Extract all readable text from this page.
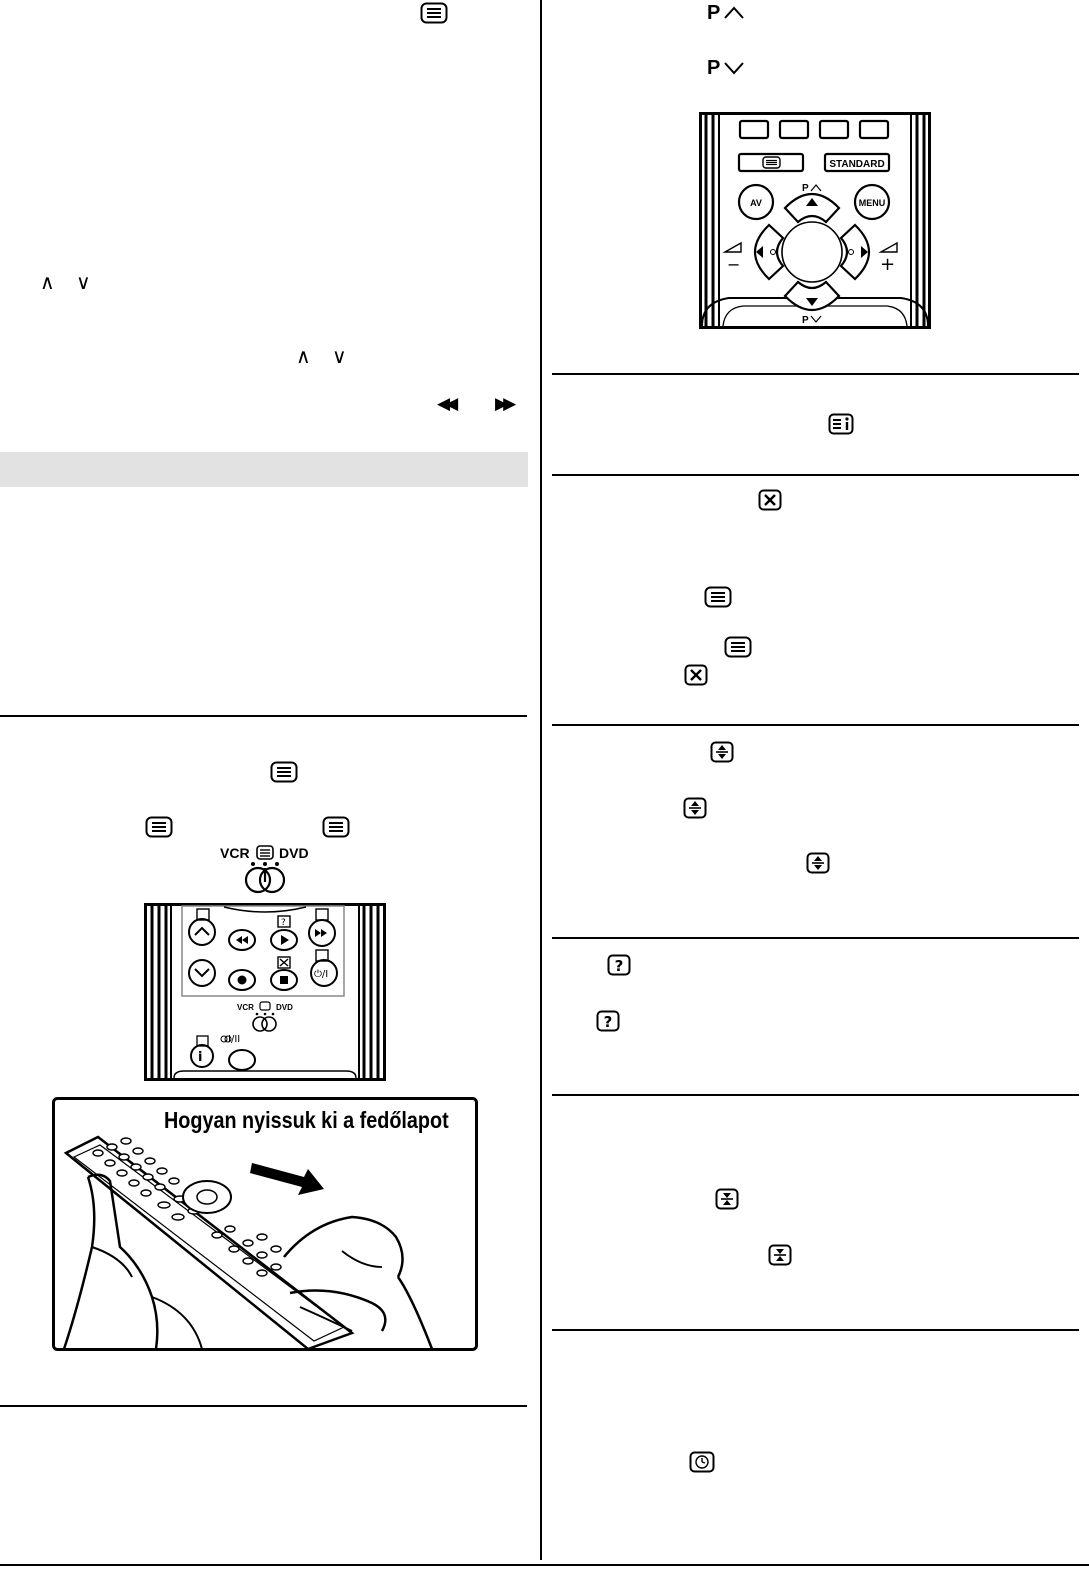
∧ ∨
∧ ∨
◀◀ ▶▶
VCR DVD
?
⏻/I
VCR	DVD
i
I/II
Hogyan nyissuk ki a fedőlapot
P
P
STANDARD
AV	MENU
P
P
−	+
?
?
